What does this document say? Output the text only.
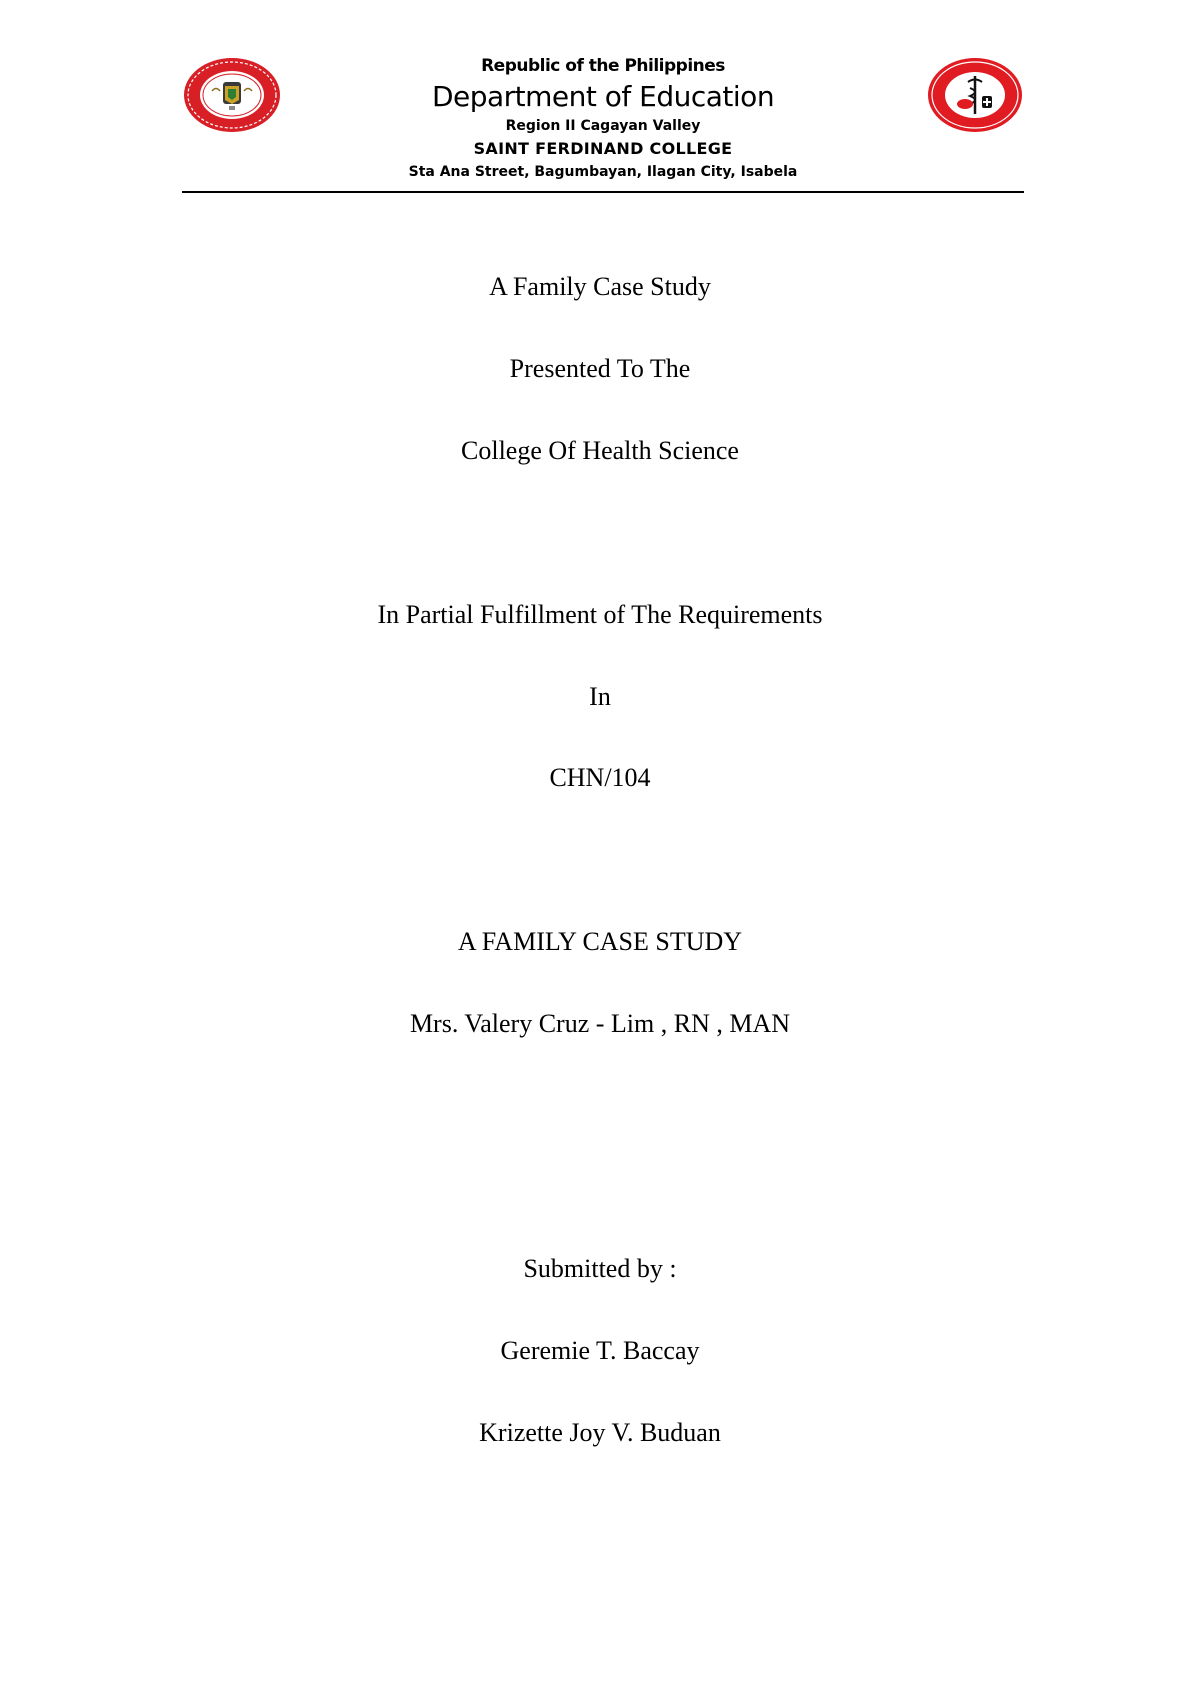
Republic of the Philippines
Department of Education
Region II Cagayan Valley
SAINT FERDINAND COLLEGE
Sta Ana Street, Bagumbayan, Ilagan City, Isabela
A Family Case Study
Presented To The
College Of Health Science
In Partial Fulfillment of The Requirements
In
CHN/104
A FAMILY CASE STUDY
Mrs. Valery Cruz - Lim , RN , MAN
Submitted by :
Geremie T. Baccay
Krizette Joy V. Buduan
